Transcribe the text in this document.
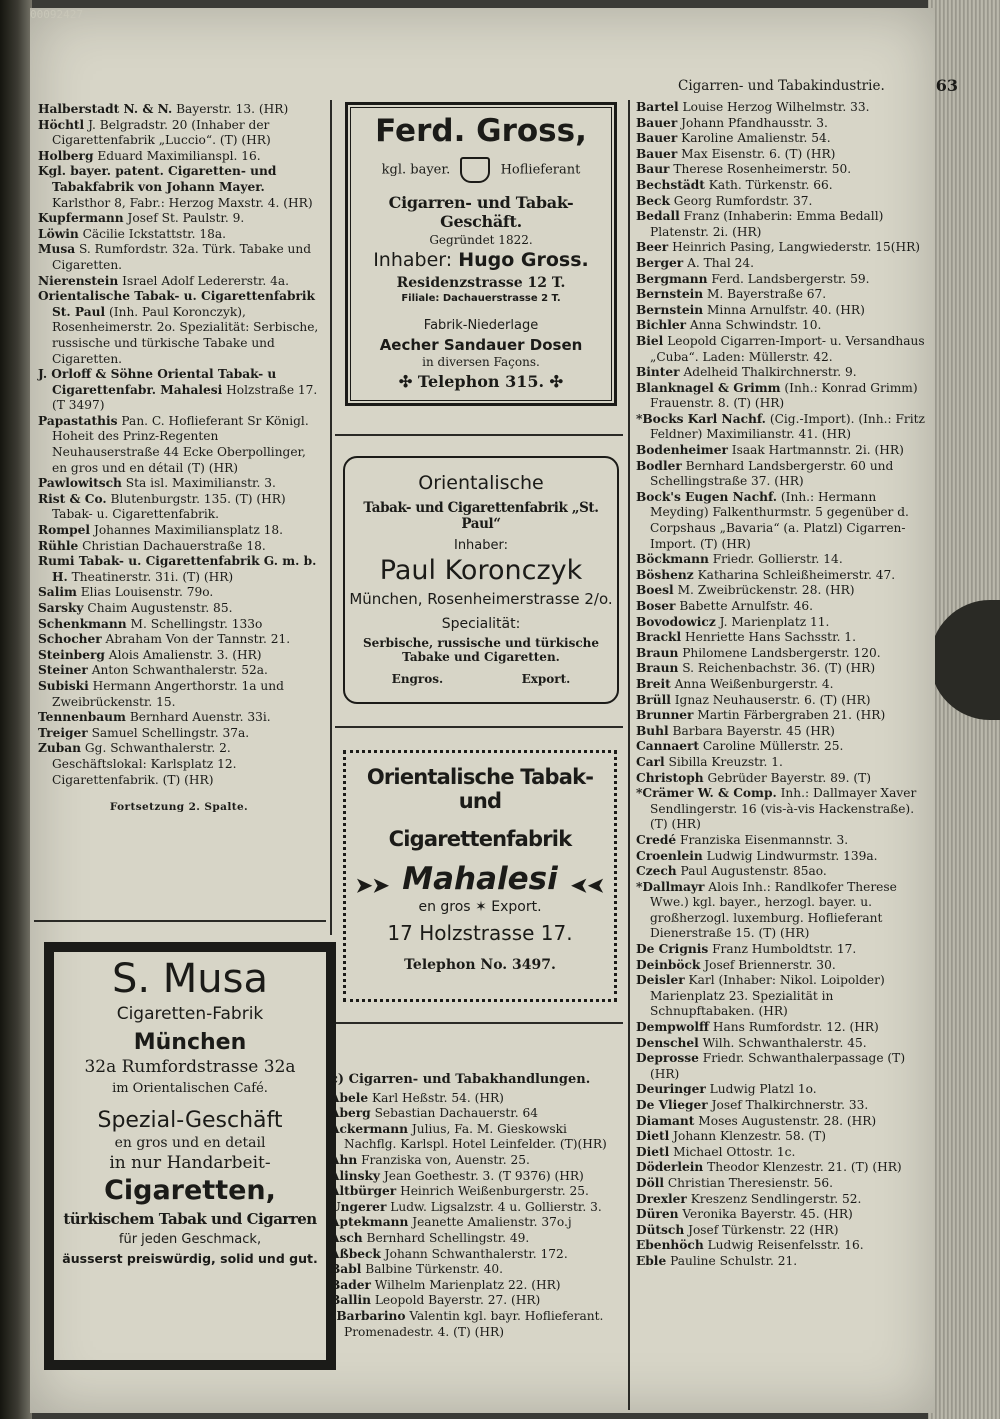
00092427
Cigarren- und Tabakindustrie.	63

Halberstadt N. & N. Bayerstr. 13. (HR)

Höchtl J. Belgradstr. 20 (Inhaber der Cigarettenfabrik „Luccio“. (T) (HR)

Holberg Eduard Maximilianspl. 16.

Kgl. bayer. patent. Cigaretten- und Tabakfabrik von Johann Mayer. Karlsthor 8, Fabr.: Herzog Maxstr. 4. (HR)

Kupfermann Josef St. Paulstr. 9.

Löwin Cäcilie Ickstattstr. 18a.

Musa S. Rumfordstr. 32a. Türk. Tabake und Cigaretten.

Nierenstein Israel Adolf Ledererstr. 4a.

Orientalische Tabak- u. Cigarettenfabrik St. Paul (Inh. Paul Koronczyk), Rosenheimerstr. 2o. Spezialität: Serbische, russische und türkische Tabake und Cigaretten.

J. Orloff & Söhne Oriental Tabak- u Cigarettenfabr. Mahalesi Holzstraße 17. (T 3497)

Papastathis Pan. C. Hoflieferant Sr Königl. Hoheit des Prinz-Regenten Neuhauserstraße 44 Ecke Oberpollinger, en gros und en détail (T) (HR)

Pawlowitsch Sta isl. Maximilianstr. 3.

Rist & Co. Blutenburgstr. 135. (T) (HR) Tabak- u. Cigarettenfabrik.

Rompel Johannes Maximiliansplatz 18.

Rühle Christian Dachauerstraße 18.

Rumi Tabak- u. Cigarettenfabrik G. m. b. H. Theatinerstr. 31i. (T) (HR)

Salim Elias Louisenstr. 79o.

Sarsky Chaim Augustenstr. 85.

Schenkmann M. Schellingstr. 133o

Schocher Abraham Von der Tannstr. 21.

Steinberg Alois Amalienstr. 3. (HR)

Steiner Anton Schwanthalerstr. 52a.

Subiski Hermann Angerthorstr. 1a und Zweibrückenstr. 15.

Tennenbaum Bernhard Auenstr. 33i.

Treiger Samuel Schellingstr. 37a.

Zuban Gg. Schwanthalerstr. 2. Geschäftslokal: Karlsplatz 12. Cigarettenfabrik. (T) (HR)

Fortsetzung 2. Spalte.

Ferd. Gross,

kgl. bayer.	Hoflieferant

Cigarren- und Tabak-Geschäft.

Gegründet 1822.

Inhaber: Hugo Gross.

Residenzstrasse 12 T.

Filiale: Dachauerstrasse 2 T.

Fabrik-Niederlage

Aecher Sandauer Dosen

in diversen Façons.

✣ Telephon 315. ✣

Orientalische

Tabak- und Cigarettenfabrik „St. Paul“

Inhaber:

Paul Koronczyk

München, Rosenheimerstrasse 2/o.

Specialität:

Serbische, russische und türkische

Tabake und Cigaretten.

Engros.	Export.

Orientalische Tabak- und

Cigarettenfabrik

➤➤ Mahalesi ➤➤

en gros ✶ Export.

17 Holzstrasse 17.

Telephon No. 3497.

S. Musa

Cigaretten-Fabrik

München

32a Rumfordstrasse 32a

im Orientalischen Café.

Spezial-Geschäft

en gros und en detail

in nur Handarbeit-

Cigaretten,

türkischem Tabak und Cigarren

für jeden Geschmack,

äusserst preiswürdig, solid und gut.

c) Cigarren- und Tabakhandlungen.

Abele Karl Heßstr. 54. (HR)

Aberg Sebastian Dachauerstr. 64

Ackermann Julius, Fa. M. Gieskowski Nachflg. Karlspl. Hotel Leinfelder. (T)(HR)

Ahn Franziska von, Auenstr. 25.

Alinsky Jean Goethestr. 3. (T 9376) (HR)

Altbürger Heinrich Weißenburgerstr. 25.

Ungerer Ludw. Ligsalzstr. 4 u. Gollierstr. 3.

Aptekmann Jeanette Amalienstr. 37o.j

Asch Bernhard Schellingstr. 49.

Aßbeck Johann Schwanthalerstr. 172.

Babl Balbine Türkenstr. 40.

Bader Wilhelm Marienplatz 22. (HR)

Ballin Leopold Bayerstr. 27. (HR)

*Barbarino Valentin kgl. bayr. Hoflieferant. Promenadestr. 4. (T) (HR)

Bartel Louise Herzog Wilhelmstr. 33.

Bauer Johann Pfandhausstr. 3.

Bauer Karoline Amalienstr. 54.

Bauer Max Eisenstr. 6. (T) (HR)

Baur Therese Rosenheimerstr. 50.

Bechstädt Kath. Türkenstr. 66.

Beck Georg Rumfordstr. 37.

Bedall Franz (Inhaberin: Emma Bedall) Platenstr. 2i. (HR)

Beer Heinrich Pasing, Langwiederstr. 15(HR)

Berger A. Thal 24.

Bergmann Ferd. Landsbergerstr. 59.

Bernstein M. Bayerstraße 67.

Bernstein Minna Arnulfstr. 40. (HR)

Bichler Anna Schwindstr. 10.

Biel Leopold Cigarren-Import- u. Versandhaus „Cuba“. Laden: Müllerstr. 42.

Binter Adelheid Thalkirchnerstr. 9.

Blanknagel & Grimm (Inh.: Konrad Grimm) Frauenstr. 8. (T) (HR)

*Bocks Karl Nachf. (Cig.-Import). (Inh.: Fritz Feldner) Maximilianstr. 41. (HR)

Bodenheimer Isaak Hartmannstr. 2i. (HR)

Bodler Bernhard Landsbergerstr. 60 und Schellingstraße 37. (HR)

Bock's Eugen Nachf. (Inh.: Hermann Meyding) Falkenthurmstr. 5 gegenüber d. Corpshaus „Bavaria“ (a. Platzl) Cigarren-Import. (T) (HR)

Böckmann Friedr. Gollierstr. 14.

Böshenz Katharina Schleißheimerstr. 47.

Boesl M. Zweibrückenstr. 28. (HR)

Boser Babette Arnulfstr. 46.

Bovodowicz J. Marienplatz 11.

Brackl Henriette Hans Sachsstr. 1.

Braun Philomene Landsbergerstr. 120.

Braun S. Reichenbachstr. 36. (T) (HR)

Breit Anna Weißenburgerstr. 4.

Brüll Ignaz Neuhauserstr. 6. (T) (HR)

Brunner Martin Färbergraben 21. (HR)

Buhl Barbara Bayerstr. 45 (HR)

Cannaert Caroline Müllerstr. 25.

Carl Sibilla Kreuzstr. 1.

Christoph Gebrüder Bayerstr. 89. (T)

*Crämer W. & Comp. Inh.: Dallmayer Xaver Sendlingerstr. 16 (vis-à-vis Hackenstraße). (T) (HR)

Credé Franziska Eisenmannstr. 3.

Croenlein Ludwig Lindwurmstr. 139a.

Czech Paul Augustenstr. 85ao.

*Dallmayr Alois Inh.: Randlkofer Therese Wwe.) kgl. bayer., herzogl. bayer. u. großherzogl. luxemburg. Hoflieferant Dienerstraße 15. (T) (HR)

De Crignis Franz Humboldtstr. 17.

Deinböck Josef Briennerstr. 30.

Deisler Karl (Inhaber: Nikol. Loipolder) Marienplatz 23. Spezialität in Schnupftabaken. (HR)

Dempwolff Hans Rumfordstr. 12. (HR)

Denschel Wilh. Schwanthalerstr. 45.

Deprosse Friedr. Schwanthalerpassage (T) (HR)

Deuringer Ludwig Platzl 1o.

De Vlieger Josef Thalkirchnerstr. 33.

Diamant Moses Augustenstr. 28. (HR)

Dietl Johann Klenzestr. 58. (T)

Dietl Michael Ottostr. 1c.

Döderlein Theodor Klenzestr. 21. (T) (HR)

Döll Christian Theresienstr. 56.

Drexler Kreszenz Sendlingerstr. 52.

Düren Veronika Bayerstr. 45. (HR)

Dütsch Josef Türkenstr. 22 (HR)

Ebenhöch Ludwig Reisenfelsstr. 16.

Eble Pauline Schulstr. 21.
